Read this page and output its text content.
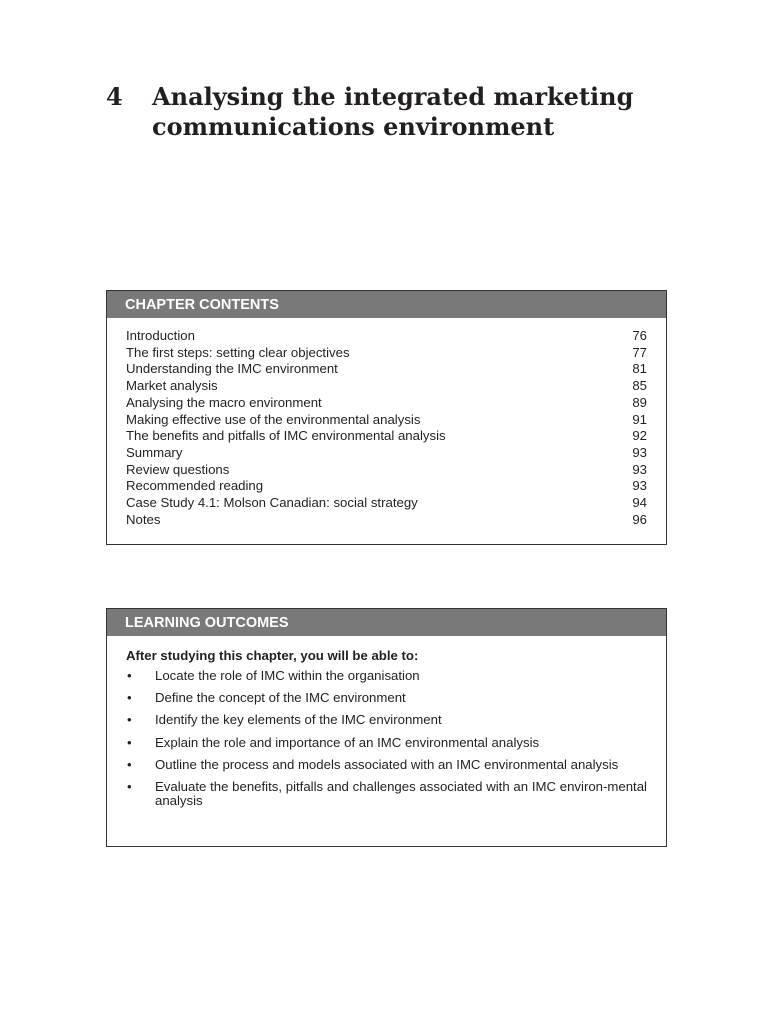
4 Analysing the integrated marketing communications environment
CHAPTER CONTENTS
Introduction	76
The first steps: setting clear objectives	77
Understanding the IMC environment	81
Market analysis	85
Analysing the macro environment	89
Making effective use of the environmental analysis	91
The benefits and pitfalls of IMC environmental analysis	92
Summary	93
Review questions	93
Recommended reading	93
Case Study 4.1: Molson Canadian: social strategy	94
Notes	96
LEARNING OUTCOMES
After studying this chapter, you will be able to:
•	Locate the role of IMC within the organisation
•	Define the concept of the IMC environment
•	Identify the key elements of the IMC environment
•	Explain the role and importance of an IMC environmental analysis
•	Outline the process and models associated with an IMC environmental analysis
•	Evaluate the benefits, pitfalls and challenges associated with an IMC environ-mental analysis
